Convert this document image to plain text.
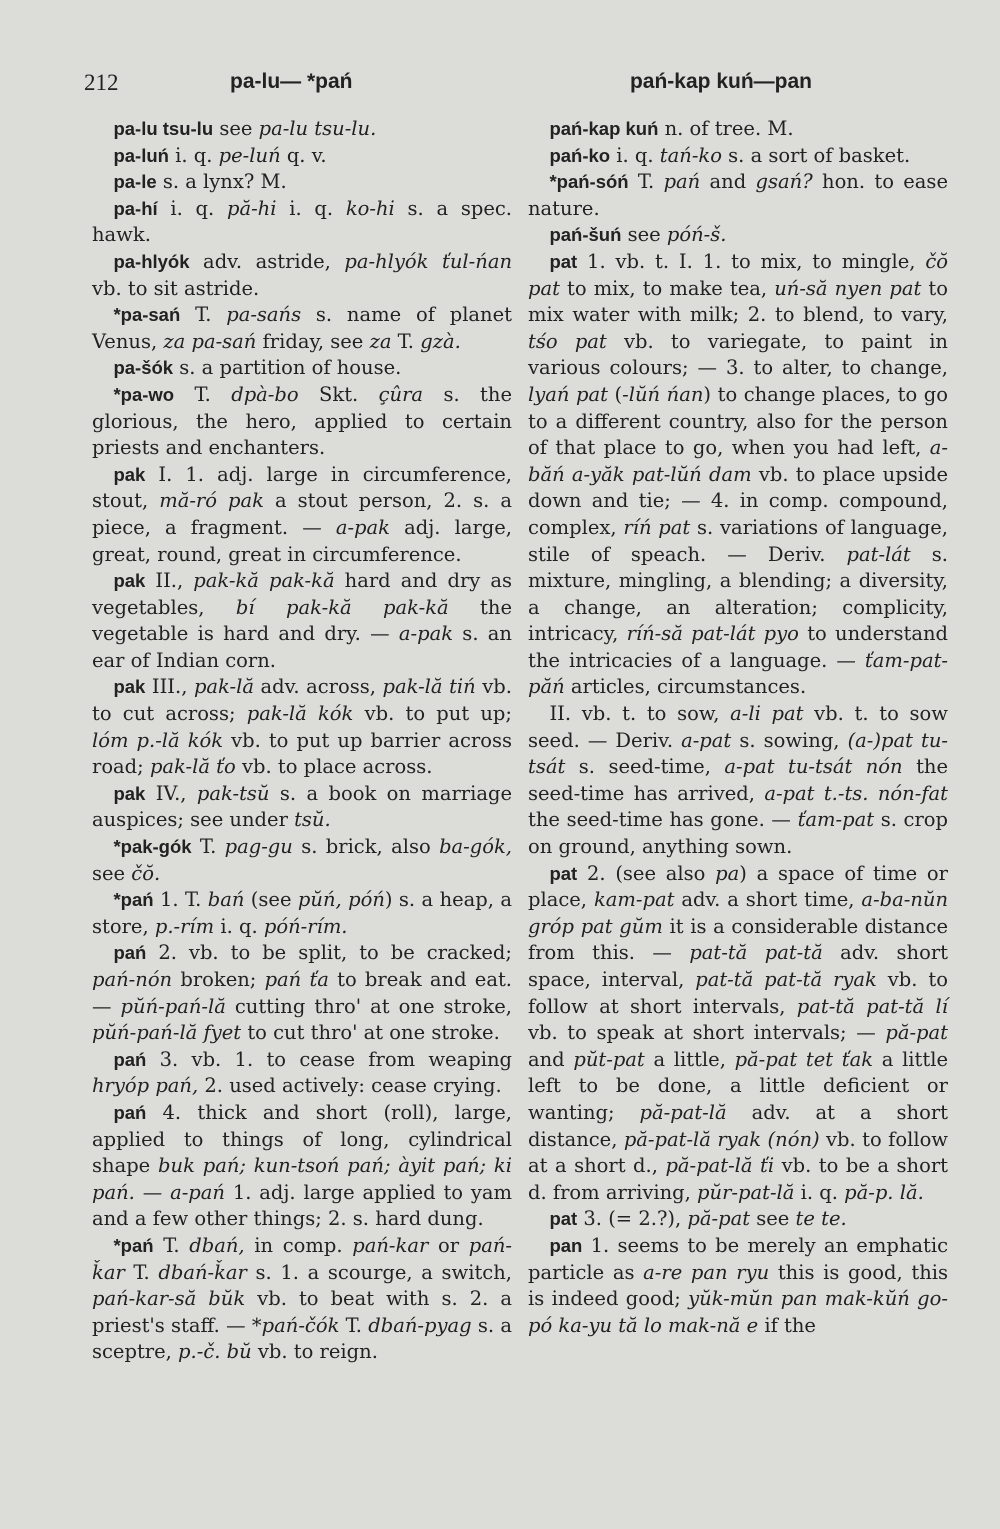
212	pa-lu— *pań	pań-kap kuń—pan

pa-lu tsu-lu see pa-lu tsu-lu.

pa-luń i. q. pe-luń q. v.

pa-le s. a lynx? M.

pa-hí i. q. pă-hi i. q. ko-hi s. a spec. hawk.

pa-hlyók adv. astride, pa-hlyók ťul-ńan vb. to sit astride.

*pa-sań T. pa-sańs s. name of planet Venus, za pa-sań friday, see za T. gzà.

pa-šók s. a partition of house.

*pa-wo T. dpà-bo Skt. çûra s. the glorious, the hero, applied to certain priests and enchanters.

pak I. 1. adj. large in circumference, stout, mă-ró pak a stout person, 2. s. a piece, a fragment. — a-pak adj. large, great, round, great in circumference.

pak II., pak-kă pak-kă hard and dry as vegetables, bí pak-kă pak-kă the vegetable is hard and dry. — a-pak s. an ear of Indian corn.

pak III., pak-lă adv. across, pak-lă tiń vb. to cut across; pak-lă kók vb. to put up; lóm p.-lă kók vb. to put up barrier across road; pak-lă ťo vb. to place across.

pak IV., pak-tsŭ s. a book on marriage auspices; see under tsŭ.

*pak-gók T. pag-gu s. brick, also ba-gók, see čŏ.

*pań 1. T. bań (see pŭń, póń) s. a heap, a store, p.-rím i. q. póń-rím.

pań 2. vb. to be split, to be cracked; pań-nón broken; pań ťa to break and eat. — pŭń-pań-lă cutting thro' at one stroke, pŭń-pań-lă fyet to cut thro' at one stroke.

pań 3. vb. 1. to cease from weaping hryóp pań, 2. used actively: cease crying.

pań 4. thick and short (roll), large, applied to things of long, cylindrical shape buk pań; kun-tsoń pań; àyit pań; ki pań. — a-pań 1. adj. large applied to yam and a few other things; 2. s. hard dung.

*pań T. dbań, in comp. pań-kar or pań-ǩar T. dbań-ǩar s. 1. a scourge, a switch, pań-kar-să bŭk vb. to beat with s. 2. a priest's staff. — *pań-čók T. dbań-pyag s. a sceptre, p.-č. bŭ vb. to reign.

pań-kap kuń n. of tree. M.

pań-ko i. q. tań-ko s. a sort of basket.

*pań-sóń T. pań and gsań? hon. to ease nature.

pań-šuń see póń-š.

pat 1. vb. t. I. 1. to mix, to mingle, čŏ pat to mix, to make tea, uń-să nyen pat to mix water with milk; 2. to blend, to vary, tśo pat vb. to variegate, to paint in various colours; — 3. to alter, to change, lyań pat (-lŭń ńan) to change places, to go to a different country, also for the person of that place to go, when you had left, a-băń a-yăk pat-lŭń dam vb. to place upside down and tie; — 4. in comp. compound, complex, ríń pat s. variations of language, stile of speach. — Deriv. pat-lát s. mixture, mingling, a blending; a diversity, a change, an alteration; complicity, intricacy, ríń-să pat-lát pyo to understand the intricacies of a language. — ťam-pat-păń articles, circumstances.

II. vb. t. to sow, a-li pat vb. t. to sow seed. — Deriv. a-pat s. sowing, (a-)pat tu-tsát s. seed-time, a-pat tu-tsát nón the seed-time has arrived, a-pat t.-ts. nón-fat the seed-time has gone. — ťam-pat s. crop on ground, anything sown.

pat 2. (see also pa) a space of time or place, kam-pat adv. a short time, a-ba-nŭn gróp pat gŭm it is a considerable distance from this. — pat-tă pat-tă adv. short space, interval, pat-tă pat-tă ryak vb. to follow at short intervals, pat-tă pat-tă lí vb. to speak at short intervals; — pă-pat and pŭt-pat a little, pă-pat tet ťak a little left to be done, a little deficient or wanting; pă-pat-lă adv. at a short distance, pă-pat-lă ryak (nón) vb. to follow at a short d., pă-pat-lă ťi vb. to be a short d. from arriving, pŭr-pat-lă i. q. pă-p. lă.

pat 3. (= 2.?), pă-pat see te te.

pan 1. seems to be merely an emphatic particle as a-re pan ryu this is good, this is indeed good; yŭk-mŭn pan mak-kŭń go-pó ka-yu tă lo mak-nă e if the
